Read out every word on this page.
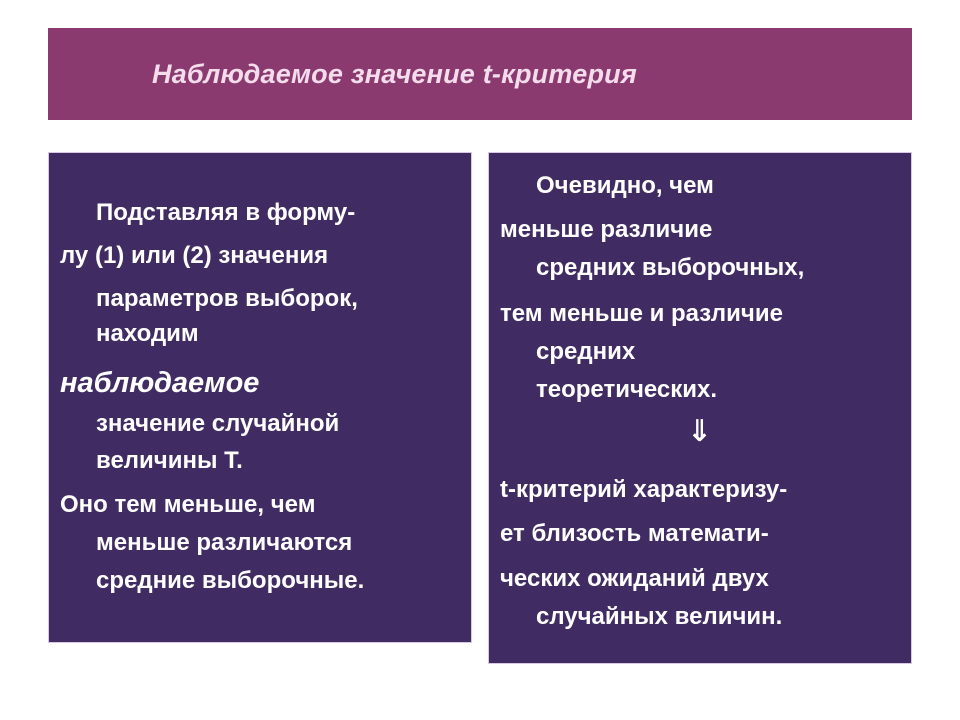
Наблюдаемое значение t-критерия
Подставляя в форму-
лу (1) или (2) значения
параметров выборок,
находим
наблюдаемое
значение случайной
величины Т.
Оно тем меньше, чем
меньше различаются
средние выборочные.
Очевидно, чем
меньше различие
средних выборочных,
тем меньше и различие
средних
теоретических.
⇓
t-критерий характеризу-
ет близость математи-
ческих ожиданий двух
случайных величин.
